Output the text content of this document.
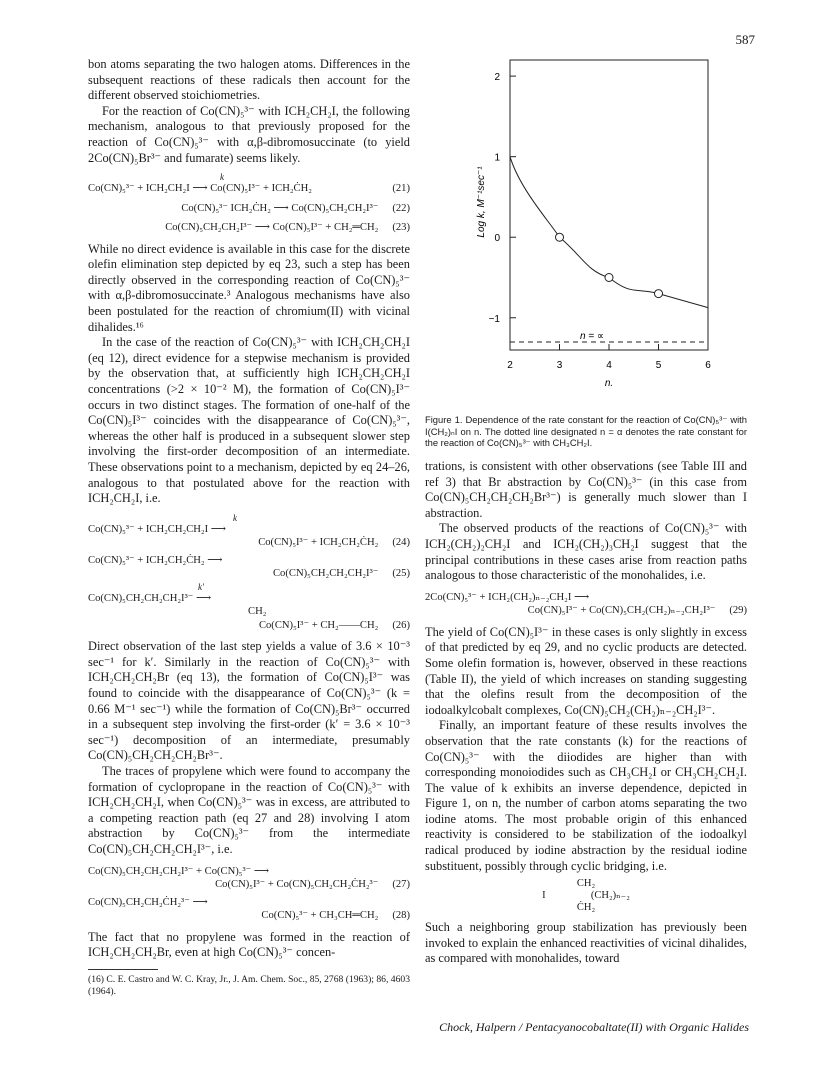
587

bon atoms separating the two halogen atoms. Differences in the subsequent reactions of these radicals then account for the different observed stoichiometries.

For the reaction of Co(CN)₅³⁻ with ICH₂CH₂I, the following mechanism, analogous to that previously proposed for the reaction of Co(CN)₅³⁻ with α,β-dibromosuccinate (to yield 2Co(CN)₅Br³⁻ and fumarate) seems likely.

k
Co(CN)₅³⁻ + ICH₂CH₂I ⟶ Co(CN)₅I³⁻ + ICH₂ĊH₂	(21)
Co(CN)₅³⁻ ICH₂ĊH₂ ⟶ Co(CN)₅CH₂CH₂I³⁻ (22)
Co(CN)₅CH₂CH₂I³⁻ ⟶ Co(CN)₅I³⁻ + CH₂═CH₂ (23)

While no direct evidence is available in this case for the discrete olefin elimination step depicted by eq 23, such a step has been directly observed in the corresponding reaction of Co(CN)₅³⁻ with α,β-dibromosuccinate.³ Analogous mechanisms have also been postulated for the reaction of chromium(II) with vicinal dihalides.¹⁶

In the case of the reaction of Co(CN)₅³⁻ with ICH₂CH₂CH₂I (eq 12), direct evidence for a stepwise mechanism is provided by the observation that, at sufficiently high ICH₂CH₂CH₂I concentrations (>2 × 10⁻² M), the formation of Co(CN)₅I³⁻ occurs in two distinct stages. The formation of one-half of the Co(CN)₅I³⁻ coincides with the disappearance of Co(CN)₅³⁻, whereas the other half is produced in a subsequent slower step involving the first-order decomposition of an intermediate. These observations point to a mechanism, depicted by eq 24–26, analogous to that postulated above for the reaction with ICH₂CH₂I, i.e.

k
Co(CN)₅³⁻ + ICH₂CH₂CH₂I ⟶
Co(CN)₅I³⁻ + ICH₂CH₂ĊH₂ (24)
Co(CN)₅³⁻ + ICH₂CH₂ĊH₂ ⟶
Co(CN)₅CH₂CH₂CH₂I³⁻ (25)
k′
Co(CN)₅CH₂CH₂CH₂I³⁻ ⟶
CH₂
Co(CN)₅I³⁻ + CH₂——CH₂ (26)

Direct observation of the last step yields a value of 3.6 × 10⁻³ sec⁻¹ for k′. Similarly in the reaction of Co(CN)₅³⁻ with ICH₂CH₂CH₂Br (eq 13), the formation of Co(CN)₅I³⁻ was found to coincide with the disappearance of Co(CN)₅³⁻ (k = 0.66 M⁻¹ sec⁻¹) while the formation of Co(CN)₅Br³⁻ occurred in a subsequent step involving the first-order (k′ = 3.6 × 10⁻³ sec⁻¹) decomposition of an intermediate, presumably Co(CN)₅CH₂CH₂CH₂Br³⁻.

The traces of propylene which were found to accompany the formation of cyclopropane in the reaction of Co(CN)₅³⁻ with ICH₂CH₂CH₂I, when Co(CN)₅³⁻ was in excess, are attributed to a competing reaction path (eq 27 and 28) involving I atom abstraction by Co(CN)₅³⁻ from the intermediate Co(CN)₅CH₂CH₂CH₂I³⁻, i.e.

Co(CN)₅CH₂CH₂CH₂I³⁻ + Co(CN)₅³⁻ ⟶
Co(CN)₅I³⁻ + Co(CN)₅CH₂CH₂ĊH₂³⁻ (27)
Co(CN)₅CH₂CH₂ĊH₂³⁻ ⟶
Co(CN)₅³⁻ + CH₃CH═CH₂ (28)

The fact that no propylene was formed in the reaction of ICH₂CH₂CH₂Br, even at high Co(CN)₅³⁻ concen-

(16) C. E. Castro and W. C. Kray, Jr., J. Am. Chem. Soc., 85, 2768 (1963); 86, 4603 (1964).
2
1
0
−1
2	3	4	5	6
n = ∝
Log k, M⁻¹sec⁻¹
n.
Figure 1. Dependence of the rate constant for the reaction of Co(CN)₅³⁻ with I(CH₂)ₙI on n. The dotted line designated n = α denotes the rate constant for the reaction of Co(CN)₅³⁻ with CH₃CH₂I.

trations, is consistent with other observations (see Table III and ref 3) that Br abstraction by Co(CN)₅³⁻ (in this case from Co(CN)₅CH₂CH₂CH₂Br³⁻) is generally much slower than I abstraction.

The observed products of the reactions of Co(CN)₅³⁻ with ICH₂(CH₂)₂CH₂I and ICH₂(CH₂)₃CH₂I suggest that the principal contributions in these cases arise from reaction paths analogous to those characteristic of the monohalides, i.e.

2Co(CN)₅³⁻ + ICH₂(CH₂)ₙ₋₂CH₂I ⟶
Co(CN)₅I³⁻ + Co(CN)₅CH₂(CH₂)ₙ₋₂CH₂I³⁻ (29)

The yield of Co(CN)₅I³⁻ in these cases is only slightly in excess of that predicted by eq 29, and no cyclic products are detected. Some olefin formation is, however, observed in these reactions (Table II), the yield of which increases on standing suggesting that the olefins result from the decomposition of the iodoalkylcobalt complexes, Co(CN)₅CH₂(CH₂)ₙ₋₂CH₂I³⁻.

Finally, an important feature of these results involves the observation that the rate constants (k) for the reactions of Co(CN)₅³⁻ with the diiodides are higher than with corresponding monoiodides such as CH₃CH₂I or CH₃CH₂CH₂I. The value of k exhibits an inverse dependence, depicted in Figure 1, on n, the number of carbon atoms separating the two iodine atoms. The most probable origin of this enhanced reactivity is considered to be stabilization of the iodoalkyl radical produced by iodine abstraction by the residual iodine substituent, possibly through cyclic bridging, i.e.

CH₂
I	(CH₂)ₙ₋₂
ĊH₂

Such a neighboring group stabilization has previously been invoked to explain the enhanced reactivities of vicinal dihalides, as compared with monohalides, toward

Chock, Halpern / Pentacyanocobaltate(II) with Organic Halides
